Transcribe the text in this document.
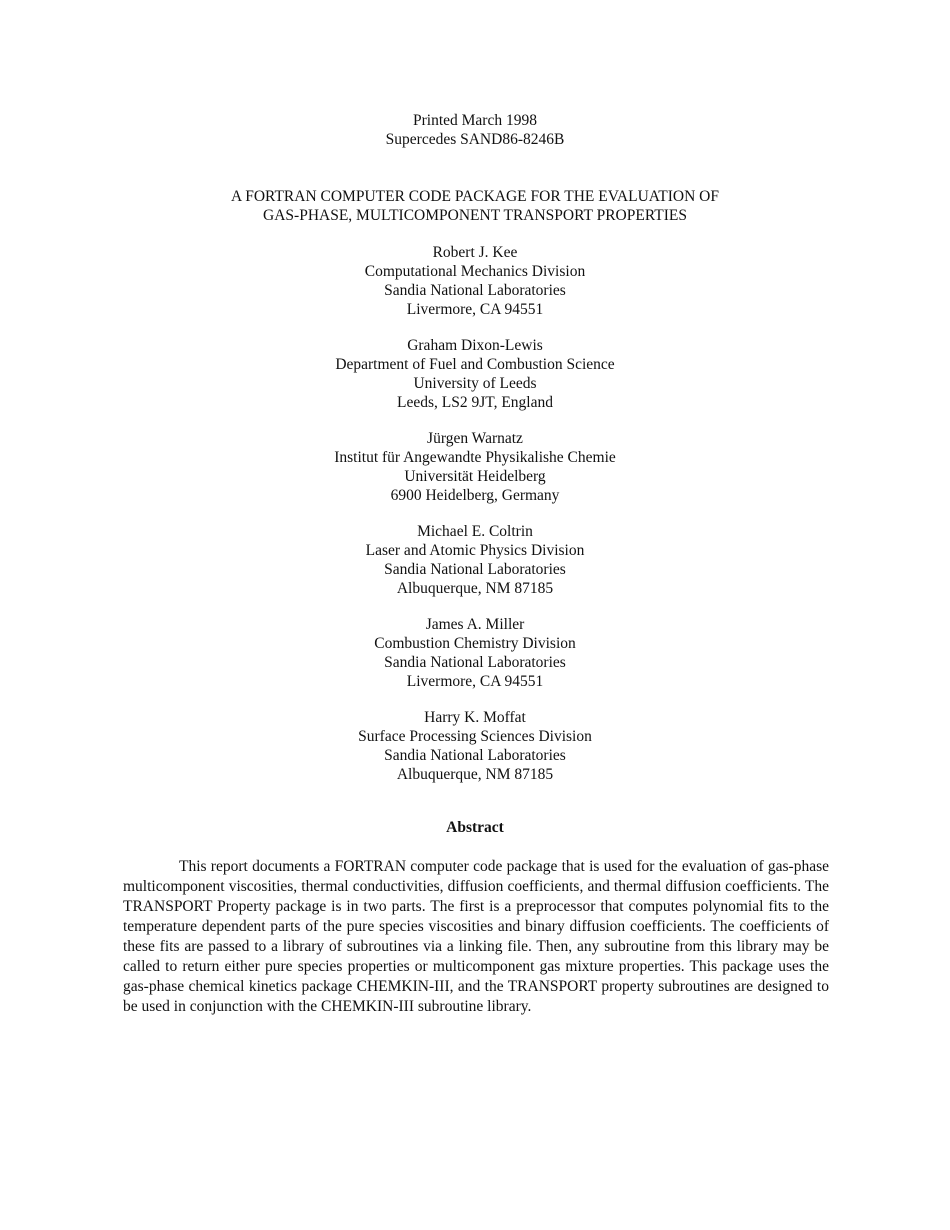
Printed March 1998
Supercedes SAND86-8246B
A FORTRAN COMPUTER CODE PACKAGE FOR THE EVALUATION OF
GAS-PHASE, MULTICOMPONENT TRANSPORT PROPERTIES
Robert J. Kee
Computational Mechanics Division
Sandia National Laboratories
Livermore, CA 94551
Graham Dixon-Lewis
Department of Fuel and Combustion Science
University of Leeds
Leeds, LS2 9JT, England
Jürgen Warnatz
Institut für Angewandte Physikalishe Chemie
Universität Heidelberg
6900 Heidelberg, Germany
Michael E. Coltrin
Laser and Atomic Physics Division
Sandia National Laboratories
Albuquerque, NM 87185
James A. Miller
Combustion Chemistry Division
Sandia National Laboratories
Livermore, CA 94551
Harry K. Moffat
Surface Processing Sciences Division
Sandia National Laboratories
Albuquerque, NM 87185
Abstract

This report documents a FORTRAN computer code package that is used for the evaluation of gas-phase multicomponent viscosities, thermal conductivities, diffusion coefficients, and thermal diffusion coefficients. The TRANSPORT Property package is in two parts. The first is a preprocessor that computes polynomial fits to the temperature dependent parts of the pure species viscosities and binary diffusion coefficients. The coefficients of these fits are passed to a library of subroutines via a linking file. Then, any subroutine from this library may be called to return either pure species properties or multicomponent gas mixture properties. This package uses the gas-phase chemical kinetics package CHEMKIN-III, and the TRANSPORT property subroutines are designed to be used in conjunction with the CHEMKIN-III subroutine library.
